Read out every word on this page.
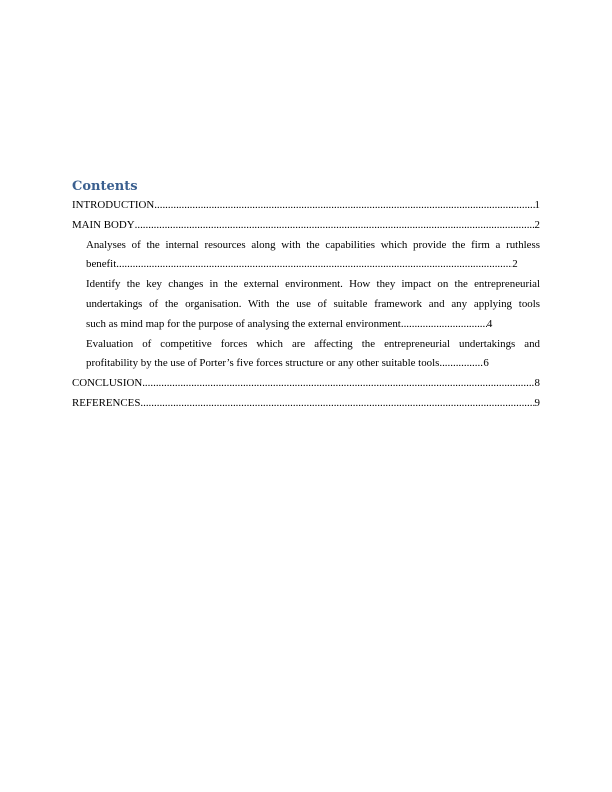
Contents
INTRODUCTION .....	1
MAIN BODY .....	2
Analyses of the internal resources along with the capabilities which provide the firm a ruthless
benefit .....	2
Identify the key changes in the external environment. How they impact on the entrepreneurial
undertakings of the organisation. With the use of suitable framework and any applying tools
such as mind map for the purpose of analysing the external environment .....	4
Evaluation of competitive forces which are affecting the entrepreneurial undertakings and
profitability by the use of Porter’s five forces structure or any other suitable tools .....	6
CONCLUSION .....	8
REFERENCES .....	9
